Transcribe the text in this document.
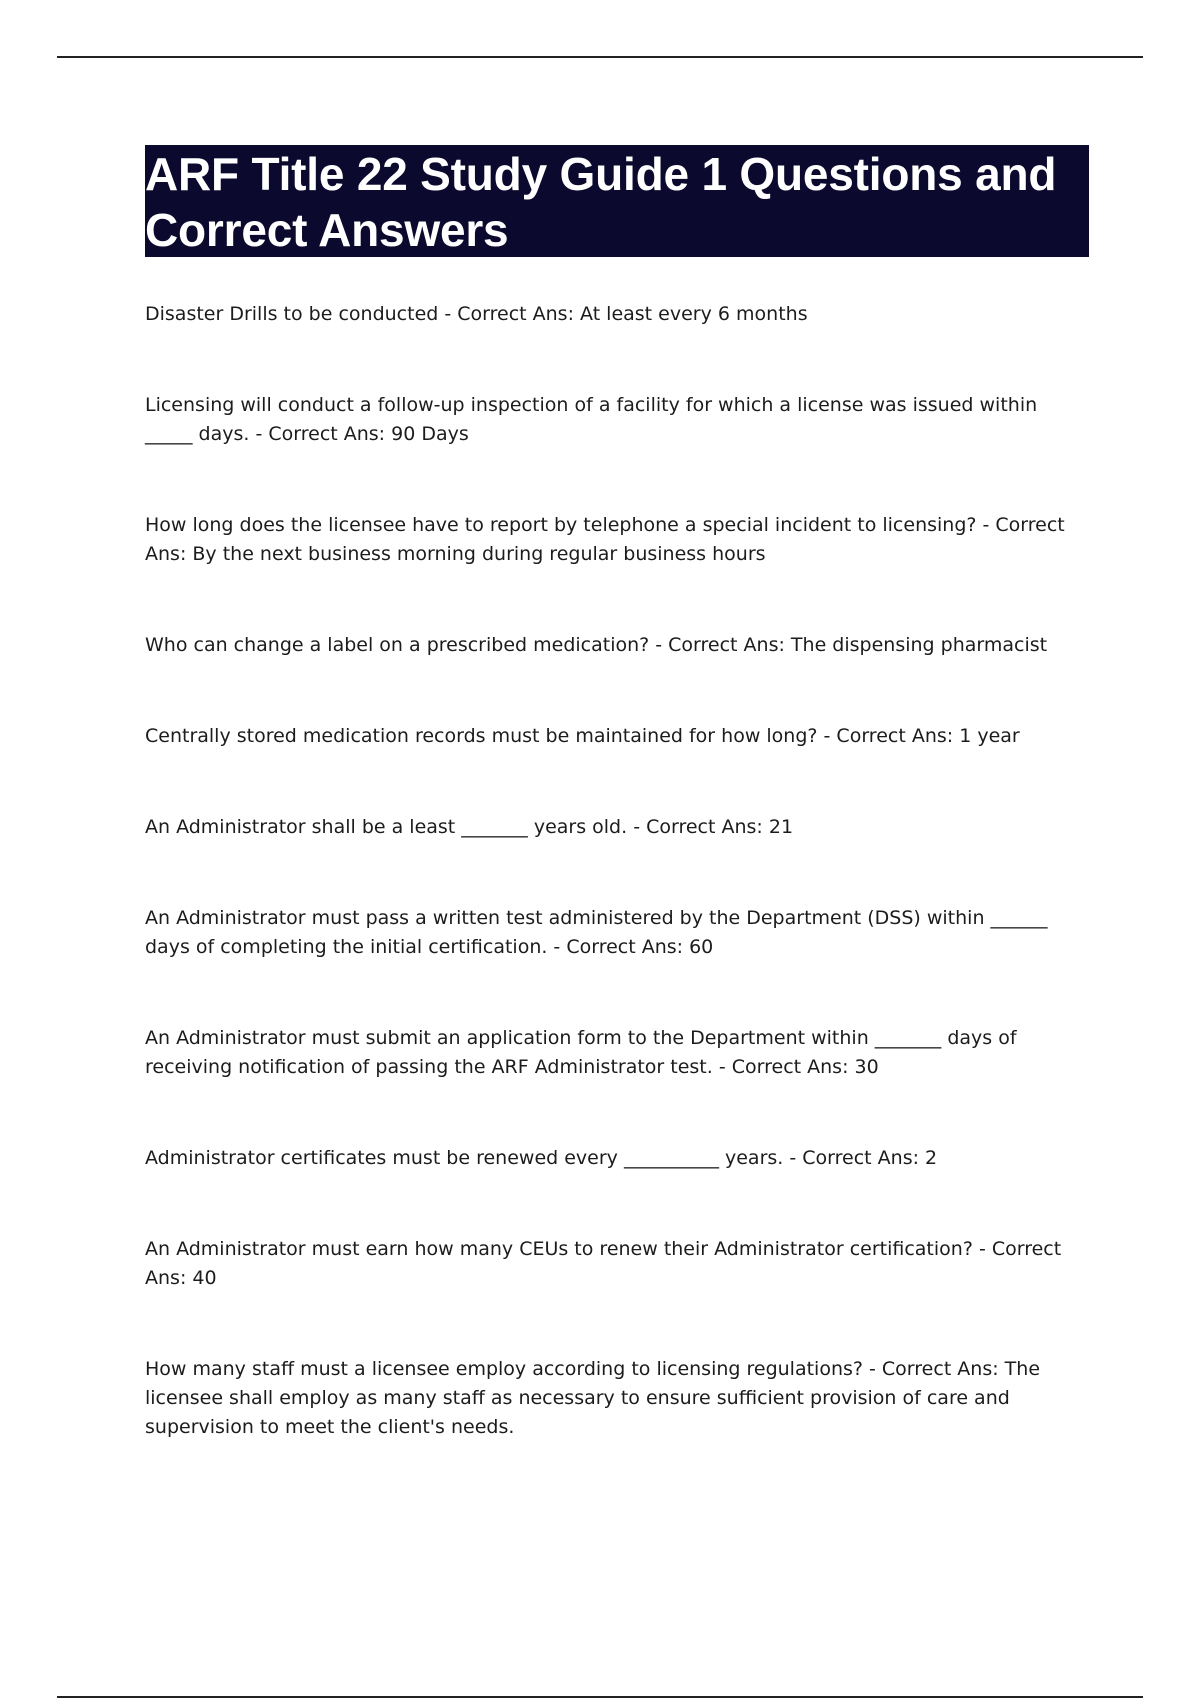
ARF Title 22 Study Guide 1 Questions and Correct Answers
Disaster Drills to be conducted - Correct Ans: At least every 6 months
Licensing will conduct a follow-up inspection of a facility for which a license was issued within _____ days. - Correct Ans: 90 Days
How long does the licensee have to report by telephone a special incident to licensing? - Correct Ans: By the next business morning during regular business hours
Who can change a label on a prescribed medication? - Correct Ans: The dispensing pharmacist
Centrally stored medication records must be maintained for how long? - Correct Ans: 1 year
An Administrator shall be a least _______ years old. - Correct Ans: 21
An Administrator must pass a written test administered by the Department (DSS) within ______ days of completing the initial certification. - Correct Ans: 60
An Administrator must submit an application form to the Department within _______ days of receiving notification of passing the ARF Administrator test. - Correct Ans: 30
Administrator certificates must be renewed every __________ years. - Correct Ans: 2
An Administrator must earn how many CEUs to renew their Administrator certification? - Correct Ans: 40
How many staff must a licensee employ according to licensing regulations? - Correct Ans: The licensee shall employ as many staff as necessary to ensure sufficient provision of care and supervision to meet the client's needs.
